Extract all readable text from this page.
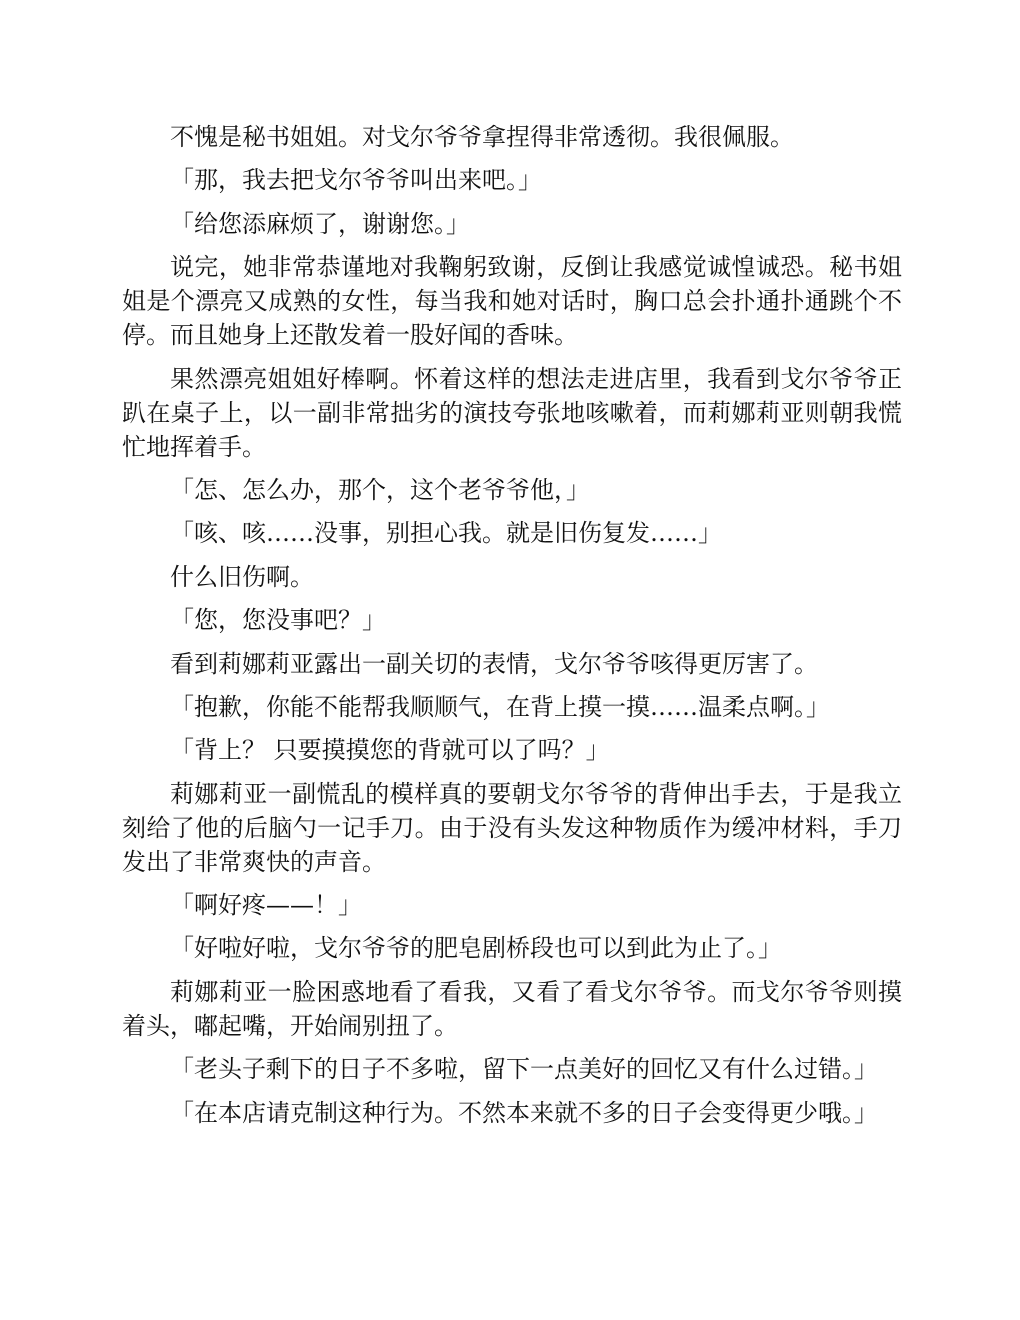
不愧是秘书姐姐。对戈尔爷爷拿捏得非常透彻。我很佩服。

「那，我去把戈尔爷爷叫出来吧。」

「给您添麻烦了，谢谢您。」

说完，她非常恭谨地对我鞠躬致谢，反倒让我感觉诚惶诚恐。秘书姐姐是个漂亮又成熟的女性，每当我和她对话时，胸口总会扑通扑通跳个不停。而且她身上还散发着一股好闻的香味。

果然漂亮姐姐好棒啊。怀着这样的想法走进店里，我看到戈尔爷爷正趴在桌子上，以一副非常拙劣的演技夸张地咳嗽着，而莉娜莉亚则朝我慌忙地挥着手。

「怎、怎么办，那个，这个老爷爷他，」

「咳、咳……没事，别担心我。就是旧伤复发……」

什么旧伤啊。

「您，您没事吧？」

看到莉娜莉亚露出一副关切的表情，戈尔爷爷咳得更厉害了。

「抱歉，你能不能帮我顺顺气，在背上摸一摸……温柔点啊。」

「背上？ 只要摸摸您的背就可以了吗？」

莉娜莉亚一副慌乱的模样真的要朝戈尔爷爷的背伸出手去，于是我立刻给了他的后脑勺一记手刀。由于没有头发这种物质作为缓冲材料，手刀发出了非常爽快的声音。

「啊好疼——！」

「好啦好啦，戈尔爷爷的肥皂剧桥段也可以到此为止了。」

莉娜莉亚一脸困惑地看了看我，又看了看戈尔爷爷。而戈尔爷爷则摸着头，嘟起嘴，开始闹别扭了。

「老头子剩下的日子不多啦，留下一点美好的回忆又有什么过错。」

「在本店请克制这种行为。不然本来就不多的日子会变得更少哦。」
